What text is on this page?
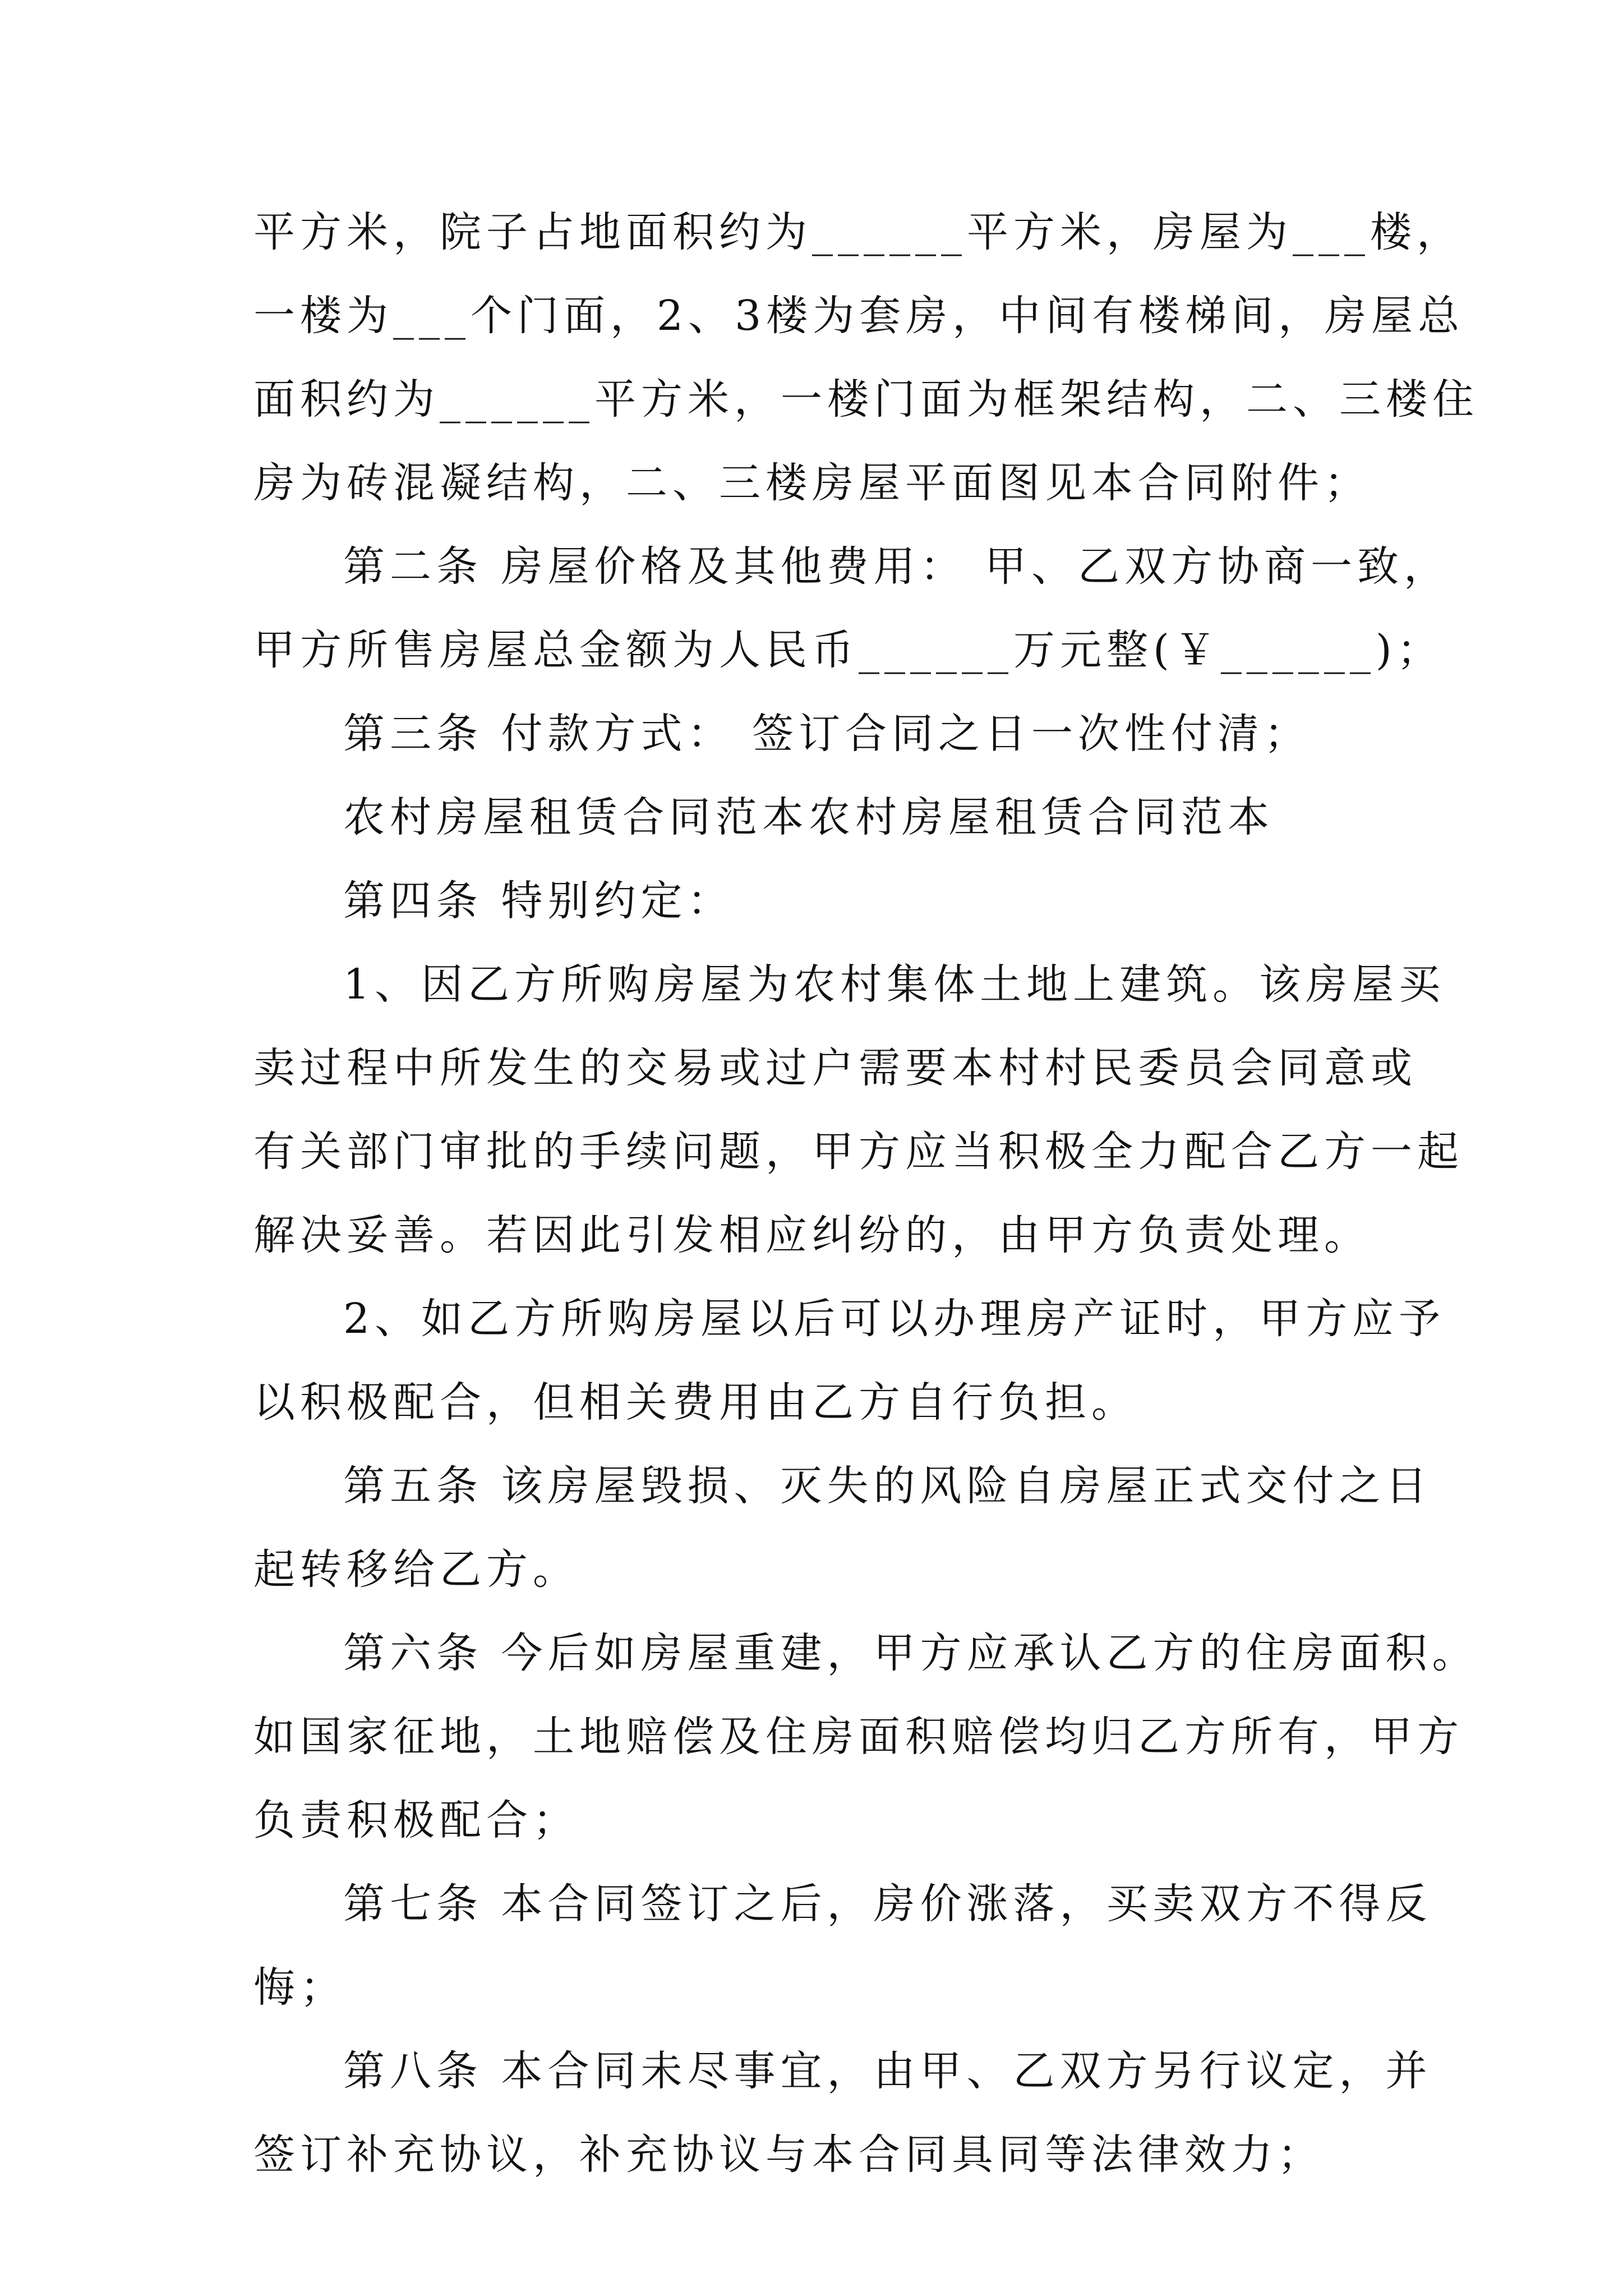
平方米，院子占地面积约为______平方米，房屋为___楼，
一楼为___个门面，2、3楼为套房，中间有楼梯间，房屋总
面积约为______平方米，一楼门面为框架结构，二、三楼住
房为砖混凝结构，二、三楼房屋平面图见本合同附件；
第二条 房屋价格及其他费用： 甲、乙双方协商一致，
甲方所售房屋总金额为人民币______万元整(￥______)；
第三条 付款方式： 签订合同之日一次性付清；
农村房屋租赁合同范本农村房屋租赁合同范本
第四条 特别约定：
1、因乙方所购房屋为农村集体土地上建筑。该房屋买
卖过程中所发生的交易或过户需要本村村民委员会同意或
有关部门审批的手续问题，甲方应当积极全力配合乙方一起
解决妥善。若因此引发相应纠纷的，由甲方负责处理。
2、如乙方所购房屋以后可以办理房产证时，甲方应予
以积极配合，但相关费用由乙方自行负担。
第五条 该房屋毁损、灭失的风险自房屋正式交付之日
起转移给乙方。
第六条 今后如房屋重建，甲方应承认乙方的住房面积。
如国家征地，土地赔偿及住房面积赔偿均归乙方所有，甲方
负责积极配合；
第七条 本合同签订之后，房价涨落，买卖双方不得反
悔；
第八条 本合同未尽事宜，由甲、乙双方另行议定，并
签订补充协议，补充协议与本合同具同等法律效力；
